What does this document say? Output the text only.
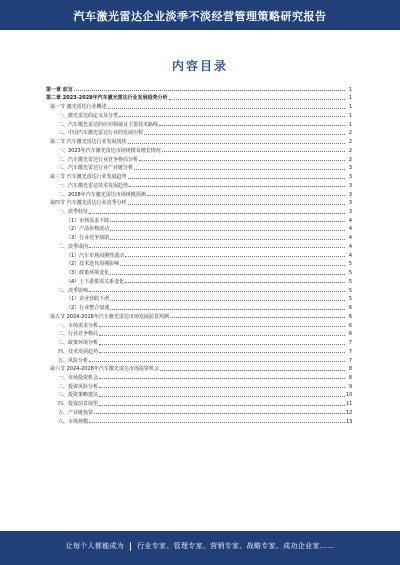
汽车激光雷达企业淡季不淡经营管理策略研究报告
内容目录
第一章 前言	1
第二章 2023-2028年汽车激光雷达行业发展趋势分析	1
第一节 激光雷达行业概述	1
一、激光雷达的定义及分类	1
二、汽车激光雷达的应用领域及主要技术路线	1
三、中国汽车激光雷达行业的发展历程	2
第二节 汽车激光雷达行业发展现状	2
一、2023年汽车激光雷达市场规模及增长情况	2
二、汽车激光雷达行业竞争格局分析	2
三、汽车激光雷达行业产业链分析	3
第三节 汽车激光雷达行业发展趋势	3
一、汽车激光雷达技术发展趋势	3
二、2028年汽车激光雷达市场规模预测	3
第四节 汽车激光雷达行业淡季分析	3
一、淡季特征	3
（1）市场需求下降	4
（2）产品价格波动	4
（3）行业竞争加剧	4
二、淡季成因	4
（1）汽车市场周期性波动	4
（2）技术迭代周期影响	5
（3）政策环境变化	5
（4）上下游供需关系变化	5
三、淡季影响	5
（1）企业营收下滑	5
（2）行业整合加速	6
第五节 2024-2028年汽车激光雷达市场发展前景预测	6
一、市场需求分析	6
二、行业竞争格局	6
三、政策环境分析	7
四、技术发展趋势	7
五、风险分析	7
第六节 2024-2028年汽车激光雷达市场投资机会	8
一、市场投资机会	8
二、投资风险分析	9
三、投资策略建议	10
四、投资前景展望	11
五、产业链投资	12
六、市场规模	13
让每个人都能成为 行业专家、管理专家、营销专家、战略专家、成功企业家……
